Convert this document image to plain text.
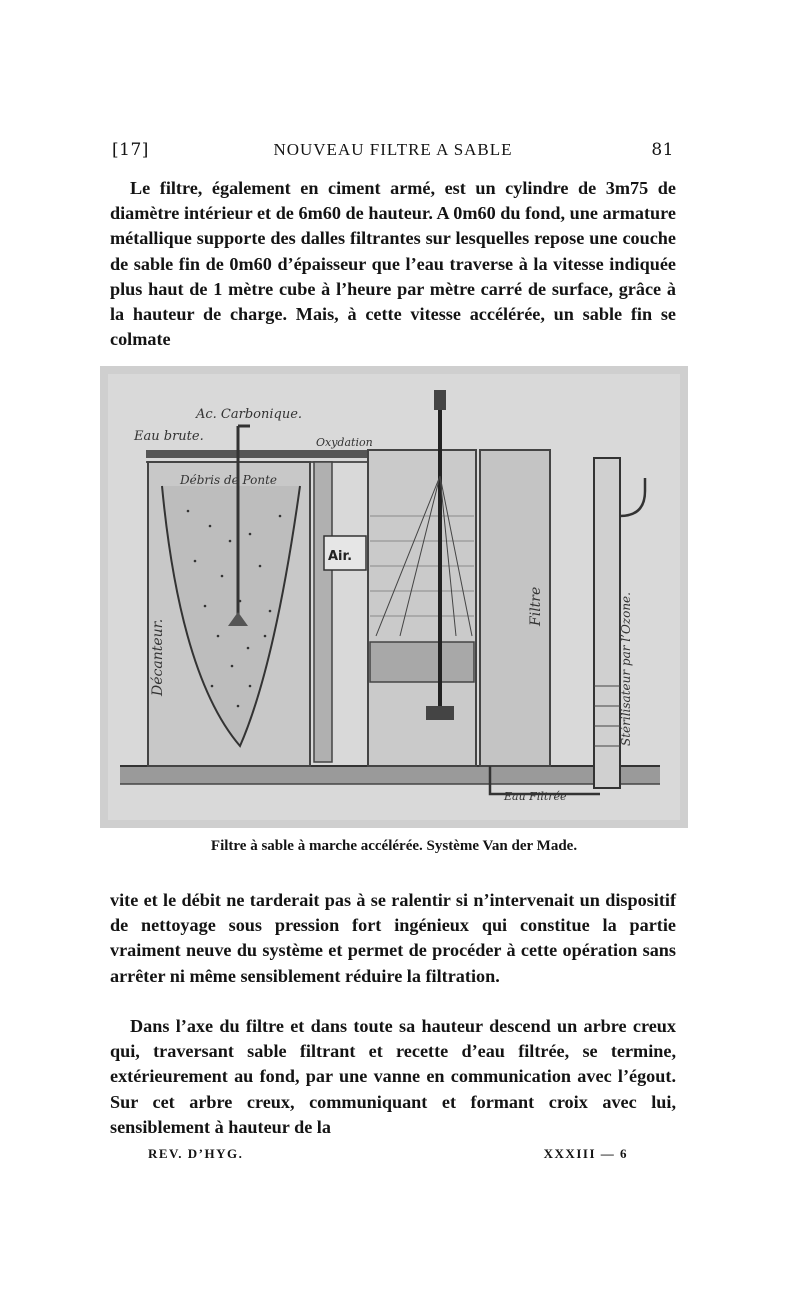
[17]	NOUVEAU FILTRE A SABLE	81

Le filtre, également en ciment armé, est un cylindre de 3m75 de diamètre intérieur et de 6m60 de hauteur. A 0m60 du fond, une armature métallique supporte des dalles filtrantes sur lesquelles repose une couche de sable fin de 0m60 d’épaisseur que l’eau traverse à la vitesse indiquée plus haut de 1 mètre cube à l’heure par mètre carré de surface, grâce à la hauteur de charge. Mais, à cette vitesse accélérée, un sable fin se colmate

Ac. Carbonique.
Eau brute.	Oxydation
Débris de Ponte
Air.
Décanteur.
Filtre	Stérilisateur par l’Ozone.
Eau Filtrée
Filtre à sable à marche accélérée. Système Van der Made.

vite et le débit ne tarderait pas à se ralentir si n’intervenait un dispositif de nettoyage sous pression fort ingénieux qui constitue la partie vraiment neuve du système et permet de procéder à cette opération sans arrêter ni même sensiblement réduire la filtration.

Dans l’axe du filtre et dans toute sa hauteur descend un arbre creux qui, traversant sable filtrant et recette d’eau filtrée, se termine, extérieurement au fond, par une vanne en communication avec l’égout. Sur cet arbre creux, communiquant et formant croix avec lui, sensiblement à hauteur de la

REV. D’HYG.	XXXIII — 6
